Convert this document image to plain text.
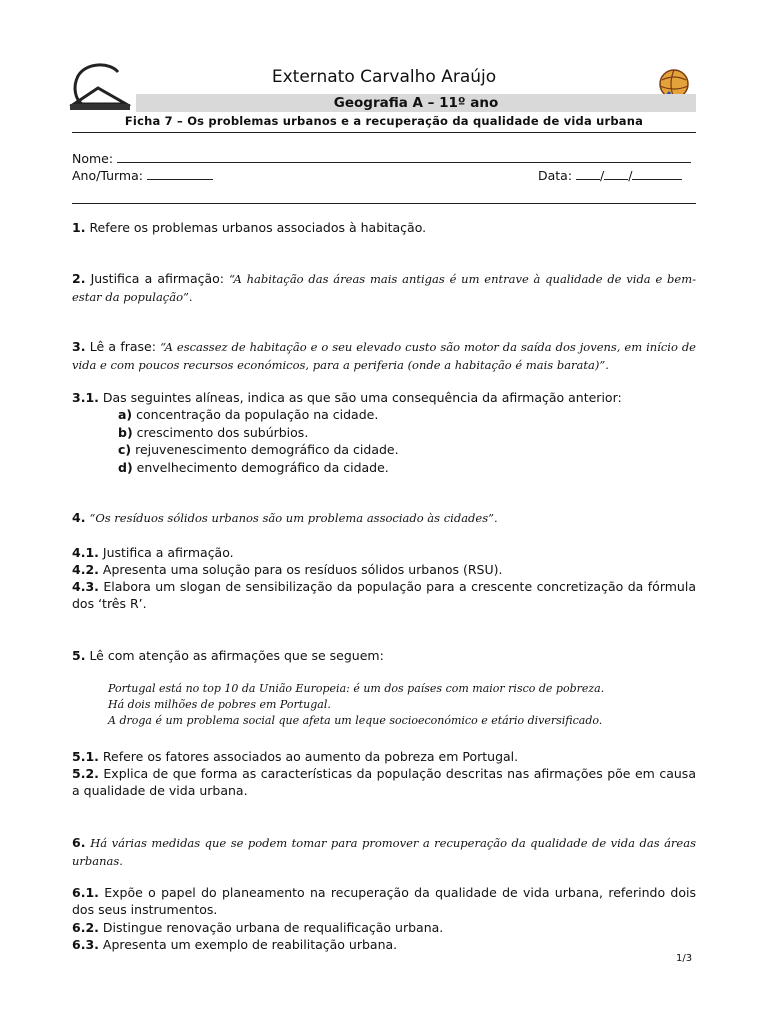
Externato Carvalho Araújo
Geografia A – 11º ano
Ficha 7 – Os problemas urbanos e a recuperação da qualidade de vida urbana
Nome:
Ano/Turma:	Data: / /
1. Refere os problemas urbanos associados à habitação.
2. Justifica a afirmação: “A habitação das áreas mais antigas é um entrave à qualidade de vida e bem-estar da população”.
3. Lê a frase: “A escassez de habitação e o seu elevado custo são motor da saída dos jovens, em início de vida e com poucos recursos económicos, para a periferia (onde a habitação é mais barata)”.
3.1. Das seguintes alíneas, indica as que são uma consequência da afirmação anterior:
a) concentração da população na cidade.
b) crescimento dos subúrbios.
c) rejuvenescimento demográfico da cidade.
d) envelhecimento demográfico da cidade.
4. “Os resíduos sólidos urbanos são um problema associado às cidades”.
4.1. Justifica a afirmação.
4.2. Apresenta uma solução para os resíduos sólidos urbanos (RSU).
4.3. Elabora um slogan de sensibilização da população para a crescente concretização da fórmula dos ‘três R’.
5. Lê com atenção as afirmações que se seguem:
Portugal está no top 10 da União Europeia: é um dos países com maior risco de pobreza.
Há dois milhões de pobres em Portugal.
A droga é um problema social que afeta um leque socioeconómico e etário diversificado.
5.1. Refere os fatores associados ao aumento da pobreza em Portugal.
5.2. Explica de que forma as características da população descritas nas afirmações põe em causa a qualidade de vida urbana.
6. Há várias medidas que se podem tomar para promover a recuperação da qualidade de vida das áreas urbanas.
6.1. Expõe o papel do planeamento na recuperação da qualidade de vida urbana, referindo dois dos seus instrumentos.
6.2. Distingue renovação urbana de requalificação urbana.
6.3. Apresenta um exemplo de reabilitação urbana.
1/3
